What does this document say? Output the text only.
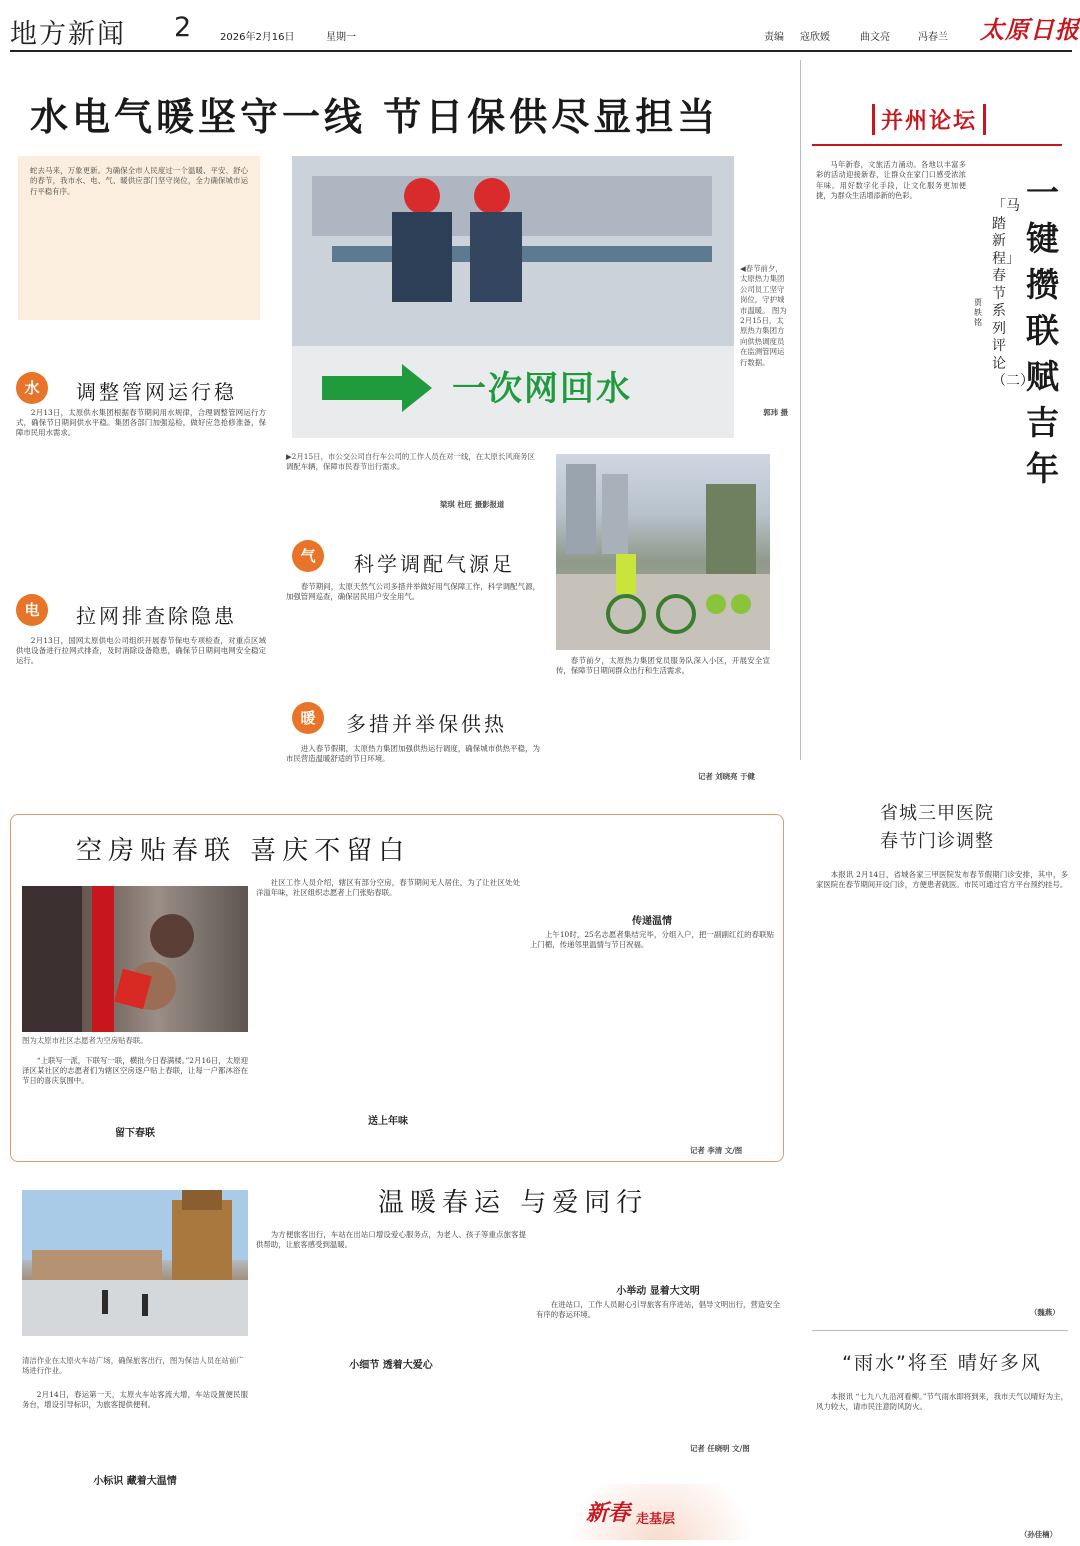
地方新闻 2	2026年2月16日	星期一	责编 寇欣媛	曲文亮	冯春兰 太原日报
水电气暖坚守一线 节日保供尽显担当
蛇去马来，万象更新。为确保全市人民度过一个温暖、平安、舒心的春节，我市水、电、气、暖供应部门坚守岗位，全力确保城市运行平稳有序。
一次网回水
◀春节前夕，太原热力集团公司员工坚守岗位，守护城市温暖。 图为2月15日，太原热力集团方向供热调度员在监测管网运行数据。
郭玮 摄
水	调整管网运行稳

2月13日，太原供水集团根据春节期间用水规律，合理调整管网运行方式，确保节日期间供水平稳。集团各部门加强巡检，做好应急抢修准备，保障市民用水需求。

电	拉网排查除隐患

2月13日，国网太原供电公司组织开展春节保电专项检查，对重点区域供电设备进行拉网式排查，及时消除设备隐患，确保节日期间电网安全稳定运行。

▶2月15日，市公交公司自行车公司的工作人员在对一线，在太原长风商务区调配车辆，保障市民春节出行需求。
梁琪 杜旺 摄影报道
气	科学调配气源足

春节期间，太原天然气公司多措并举做好用气保障工作，科学调配气源，加强管网巡查，确保居民用户安全用气。

暖	多措并举保供热

进入春节假期，太原热力集团加强供热运行调度，确保城市供热平稳，为市民营造温暖舒适的节日环境。

春节前夕，太原热力集团党员服务队深入小区，开展安全宣传，保障节日期间群众出行和生活需求。

记者 刘晓亮 于健
并州论坛
一键攒联赋吉年
「马踏新程」春节系列评论（二）
贾轶铭

马年新春，文旅活力涌动。各地以丰富多彩的活动迎接新春，让群众在家门口感受浓浓年味。用好数字化手段，让文化服务更加便捷，为群众生活增添新的色彩。

省城三甲医院
春节门诊调整

本报讯 2月14日，省城各家三甲医院发布春节假期门诊安排，其中，多家医院在春节期间开设门诊，方便患者就医。市民可通过官方平台预约挂号。

（魏燕）
“雨水”将至 晴好多风

本报讯 “七九八九沿河看柳。”节气雨水即将到来，我市天气以晴好为主，风力较大，请市民注意防风防火。

（孙佳楠）
空房贴春联 喜庆不留白
图为太原市社区志愿者为空房贴春联。

“上联写一派，下联写一联，横批今日春满楼。”2月16日，太原迎泽区某社区的志愿者们为辖区空房逐户贴上春联，让每一户都沐浴在节日的喜庆氛围中。

留下春联

社区工作人员介绍，辖区有部分空房，春节期间无人居住，为了让社区处处洋溢年味，社区组织志愿者上门张贴春联。

送上年味
传递温情

上午10时，25名志愿者集结完毕，分组入户，把一副副红红的春联贴上门楣，传递邻里温情与节日祝福。

记者 李清 文/图
温暖春运 与爱同行
清洁作业在太原火车站广场，确保旅客出行，图为保洁人员在站前广场进行作业。

2月14日，春运第一天，太原火车站客流大增，车站设置便民服务台，增设引导标识，为旅客提供便利。

小标识 藏着大温情

为方便旅客出行，车站在出站口增设爱心服务点，为老人、孩子等重点旅客提供帮助，让旅客感受到温暖。

小细节 透着大爱心
小举动 显着大文明

在进站口，工作人员耐心引导旅客有序进站，倡导文明出行，营造安全有序的春运环境。

记者 任晓明 文/图
新春 走基层
